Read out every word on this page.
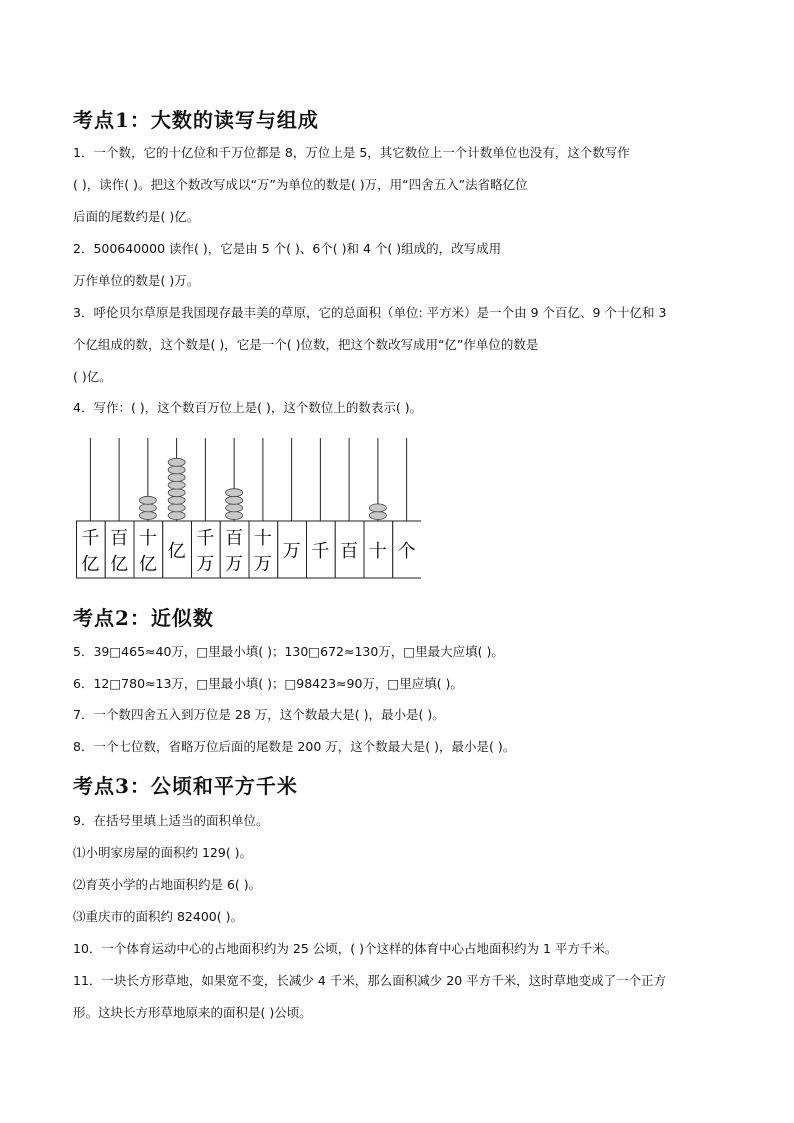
考点1：大数的读写与组成
1．一个数，它的十亿位和千万位都是 8，万位上是 5，其它数位上一个计数单位也没有，这个数写作
( )，读作( )。把这个数改写成以“万”为单位的数是( )万，用“四舍五入”法省略亿位
后面的尾数约是( )亿。
2．500640000 读作( )，它是由 5 个( )、6个( )和 4 个( )组成的，改写成用
万作单位的数是( )万。
3．呼伦贝尔草原是我国现存最丰美的草原，它的总面积（单位: 平方米）是一个由 9 个百亿、9 个十亿和 3
个亿组成的数，这个数是( )，它是一个( )位数，把这个数改写成用“亿”作单位的数是
( )亿。
4．写作：( )，这个数百万位上是( )，这个数位上的数表示( )。
千
亿
百
亿
十
亿
亿
千
万
百
万
十
万
万 千 百 十 个
考点2：近似数
5．39□465≈40万，□里最小填( )；130□672≈130万，□里最大应填( )。
6．12□780≈13万，□里最小填( )；□98423≈90万，□里应填( )。
7．一个数四舍五入到万位是 28 万，这个数最大是( )，最小是( )。
8．一个七位数，省略万位后面的尾数是 200 万，这个数最大是( )，最小是( )。
考点3：公顷和平方千米
9．在括号里填上适当的面积单位。
⑴小明家房屋的面积约 129( )。
⑵育英小学的占地面积约是 6( )。
⑶重庆市的面积约 82400( )。
10．一个体育运动中心的占地面积约为 25 公顷，( )个这样的体育中心占地面积约为 1 平方千米。
11．一块长方形草地，如果宽不变，长减少 4 千米，那么面积减少 20 平方千米，这时草地变成了一个正方
形。这块长方形草地原来的面积是( )公顷。
